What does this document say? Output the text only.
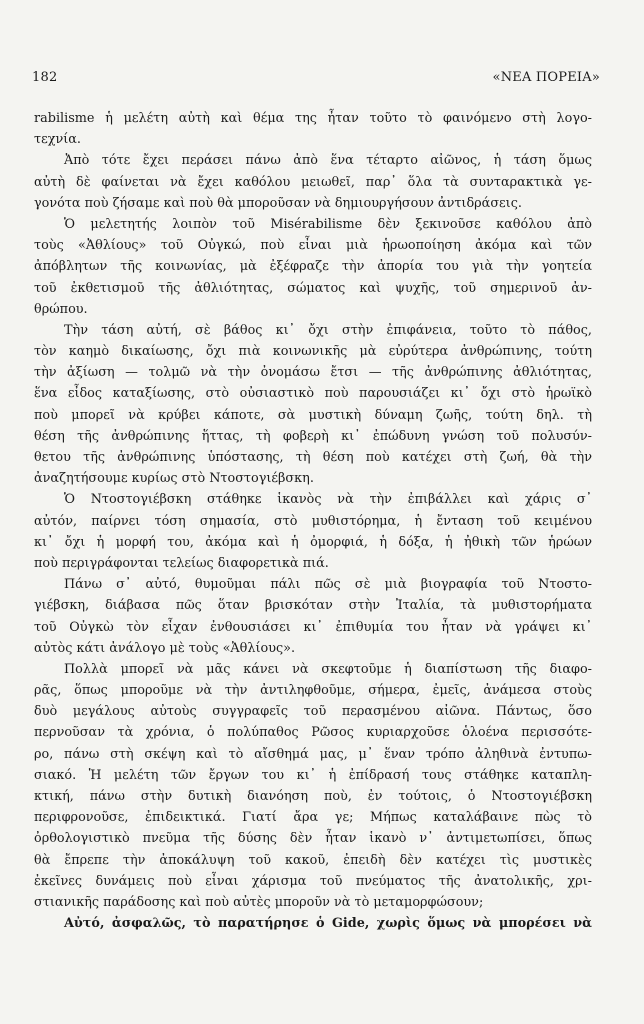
182	«ΝΕΑ ΠΟΡΕΙΑ»
rabilisme ἡ μελέτη αὐτὴ καὶ θέμα της ἦταν τοῦτο τὸ φαινόμενο στὴ λογο-
τεχνία.
Ἀπὸ τότε ἔχει περάσει πάνω ἀπὸ ἕνα τέταρτο αἰῶνος, ἡ τάση ὅμως
αὐτὴ δὲ φαίνεται νὰ ἔχει καθόλου μειωθεῖ, παρ᾽ ὅλα τὰ συνταρακτικὰ γε-
γονότα ποὺ ζήσαμε καὶ ποὺ θὰ μποροῦσαν νὰ δημιουργήσουν ἀντιδράσεις.
Ὁ μελετητής λοιπὸν τοῦ Misérabilisme δὲν ξεκινοῦσε καθόλου ἀπὸ
τοὺς «Ἀθλίους» τοῦ Οὐγκώ, ποὺ εἶναι μιὰ ἡρωοποίηση ἀκόμα καὶ τῶν
ἀπόβλητων τῆς κοινωνίας, μὰ ἐξέφραζε τὴν ἀπορία του γιὰ τὴν γοητεία
τοῦ ἐκθετισμοῦ τῆς ἀθλιότητας, σώματος καὶ ψυχῆς, τοῦ σημερινοῦ ἀν-
θρώπου.
Τὴν τάση αὐτή, σὲ βάθος κι᾽ ὄχι στὴν ἐπιφάνεια, τοῦτο τὸ πάθος,
τὸν καημὸ δικαίωσης, ὄχι πιὰ κοινωνικῆς μὰ εὐρύτερα ἀνθρώπινης, τούτη
τὴν ἀξίωση — τολμῶ νὰ τὴν ὀνομάσω ἔτσι — τῆς ἀνθρώπινης ἀθλιότητας,
ἕνα εἶδος καταξίωσης, στὸ οὐσιαστικὸ ποὺ παρουσιάζει κι᾽ ὄχι στὸ ἡρωϊκὸ
ποὺ μπορεῖ νὰ κρύβει κάποτε, σὰ μυστικὴ δύναμη ζωῆς, τούτη δηλ. τὴ
θέση τῆς ἀνθρώπινης ἥττας, τὴ φοβερὴ κι᾽ ἐπώδυνη γνώση τοῦ πολυσύν-
θετου τῆς ἀνθρώπινης ὑπόστασης, τὴ θέση ποὺ κατέχει στὴ ζωή, θὰ τὴν
ἀναζητήσουμε κυρίως στὸ Ντοστογιέβσκη.
Ὁ Ντοστογιέβσκη στάθηκε ἱκανὸς νὰ τὴν ἐπιβάλλει καὶ χάρις σ᾽
αὐτόν, παίρνει τόση σημασία, στὸ μυθιστόρημα, ἡ ἔνταση τοῦ κειμένου
κι᾽ ὄχι ἡ μορφή του, ἀκόμα καὶ ἡ ὀμορφιά, ἡ δόξα, ἡ ἠθικὴ τῶν ἡρώων
ποὺ περιγράφονται τελείως διαφορετικὰ πιά.
Πάνω σ᾽ αὐτό, θυμοῦμαι πάλι πῶς σὲ μιὰ βιογραφία τοῦ Ντοστο-
γιέβσκη, διάβασα πῶς ὅταν βρισκόταν στὴν Ἰταλία, τὰ μυθιστορήματα
τοῦ Οὐγκὼ τὸν εἶχαν ἐνθουσιάσει κι᾽ ἐπιθυμία του ἦταν νὰ γράψει κι᾽
αὐτὸς κάτι ἀνάλογο μὲ τοὺς «Ἀθλίους».
Πολλὰ μπορεῖ νὰ μᾶς κάνει νὰ σκεφτοῦμε ἡ διαπίστωση τῆς διαφο-
ρᾶς, ὅπως μποροῦμε νὰ τὴν ἀντιληφθοῦμε, σήμερα, ἐμεῖς, ἀνάμεσα στοὺς
δυὸ μεγάλους αὐτοὺς συγγραφεῖς τοῦ περασμένου αἰῶνα. Πάντως, ὅσο
περνοῦσαν τὰ χρόνια, ὁ πολύπαθος Ρῶσος κυριαρχοῦσε ὁλοένα περισσότε-
ρο, πάνω στὴ σκέψη καὶ τὸ αἴσθημά μας, μ᾽ ἕναν τρόπο ἀληθινὰ ἐντυπω-
σιακό. Ἡ μελέτη τῶν ἔργων του κι᾽ ἡ ἐπίδρασή τους στάθηκε καταπλη-
κτική, πάνω στὴν δυτικὴ διανόηση ποὺ, ἐν τούτοις, ὁ Ντοστογιέβσκη
περιφρονοῦσε, ἐπιδεικτικά. Γιατί ἄρα γε; Μήπως καταλάβαινε πὼς τὸ
ὀρθολογιστικὸ πνεῦμα τῆς δύσης δὲν ἦταν ἱκανὸ ν᾽ ἀντιμετωπίσει, ὅπως
θὰ ἔπρεπε τὴν ἀποκάλυψη τοῦ κακοῦ, ἐπειδὴ δὲν κατέχει τὶς μυστικὲς
ἐκεῖνες δυνάμεις ποὺ εἶναι χάρισμα τοῦ πνεύματος τῆς ἀνατολικῆς, χρι-
στιανικῆς παράδοσης καὶ ποὺ αὐτὲς μποροῦν νὰ τὸ μεταμορφώσουν;
Αὐτό, ἀσφαλῶς, τὸ παρατήρησε ὁ Gide, χωρὶς ὅμως νὰ μπορέσει νὰ
